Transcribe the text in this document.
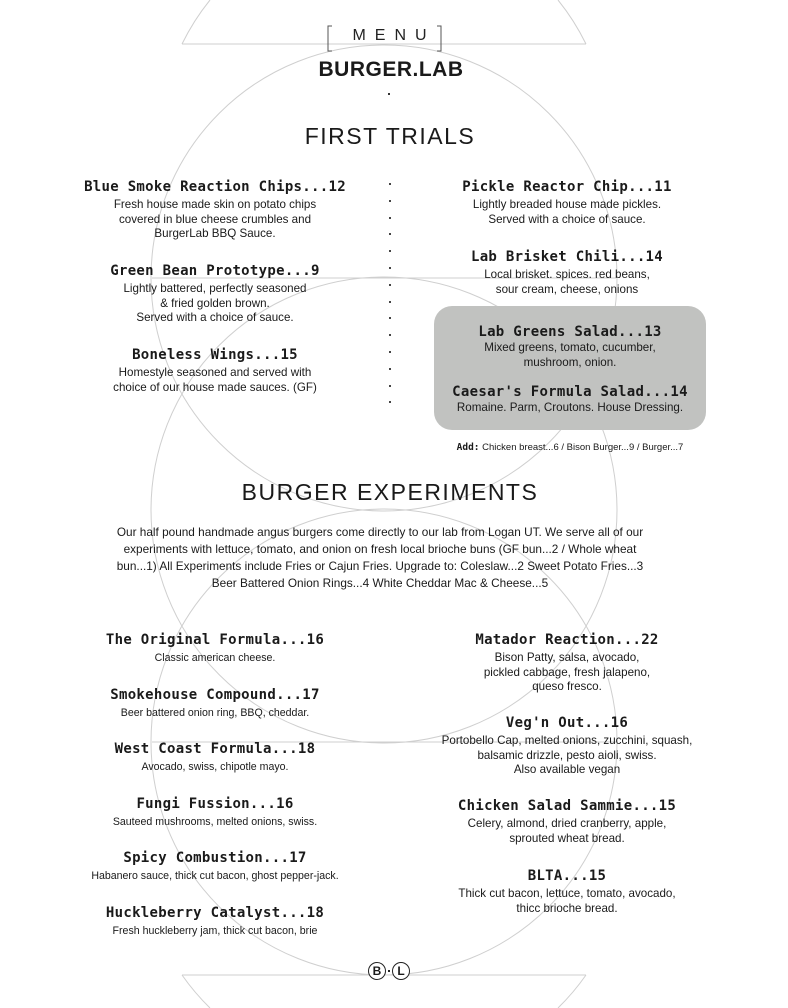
MENU
BURGER.LAB
FIRST TRIALS
Blue Smoke Reaction Chips...12
Fresh house made skin on potato chips
covered in blue cheese crumbles and
BurgerLab BBQ Sauce.
Green Bean Prototype...9
Lightly battered, perfectly seasoned
& fried golden brown.
Served with a choice of sauce.
Boneless Wings...15
Homestyle seasoned and served with
choice of our house made sauces. (GF)
Pickle Reactor Chip...11
Lightly breaded house made pickles.
Served with a choice of sauce.
Lab Brisket Chili...14
Local brisket. spices. red beans,
sour cream, cheese, onions
Lab Greens Salad...13
Mixed greens, tomato, cucumber,
mushroom, onion.
Caesar's Formula Salad...14
Romaine. Parm, Croutons. House Dressing.
Add: Chicken breast...6 / Bison Burger...9 / Burger...7
BURGER EXPERIMENTS
Our half pound handmade angus burgers come directly to our lab from Logan UT. We serve all of our experiments with lettuce, tomato, and onion on fresh local brioche buns (GF bun...2 / Whole wheat bun...1) All Experiments include Fries or Cajun Fries. Upgrade to: Coleslaw...2 Sweet Potato Fries...3 Beer Battered Onion Rings...4 White Cheddar Mac & Cheese...5
The Original Formula...16
Classic american cheese.
Smokehouse Compound...17
Beer battered onion ring, BBQ, cheddar.
West Coast Formula...18
Avocado, swiss, chipotle mayo.
Fungi Fussion...16
Sauteed mushrooms, melted onions, swiss.
Spicy Combustion...17
Habanero sauce, thick cut bacon, ghost pepper-jack.
Huckleberry Catalyst...18
Fresh huckleberry jam, thick cut bacon, brie
Matador Reaction...22
Bison Patty, salsa, avocado,
pickled cabbage, fresh jalapeno,
queso fresco.
Veg'n Out...16
Portobello Cap, melted onions, zucchini, squash,
balsamic drizzle, pesto aioli, swiss.
Also available vegan
Chicken Salad Sammie...15
Celery, almond, dried cranberry, apple,
sprouted wheat bread.
BLTA...15
Thick cut bacon, lettuce, tomato, avocado,
thicc brioche bread.
B L
